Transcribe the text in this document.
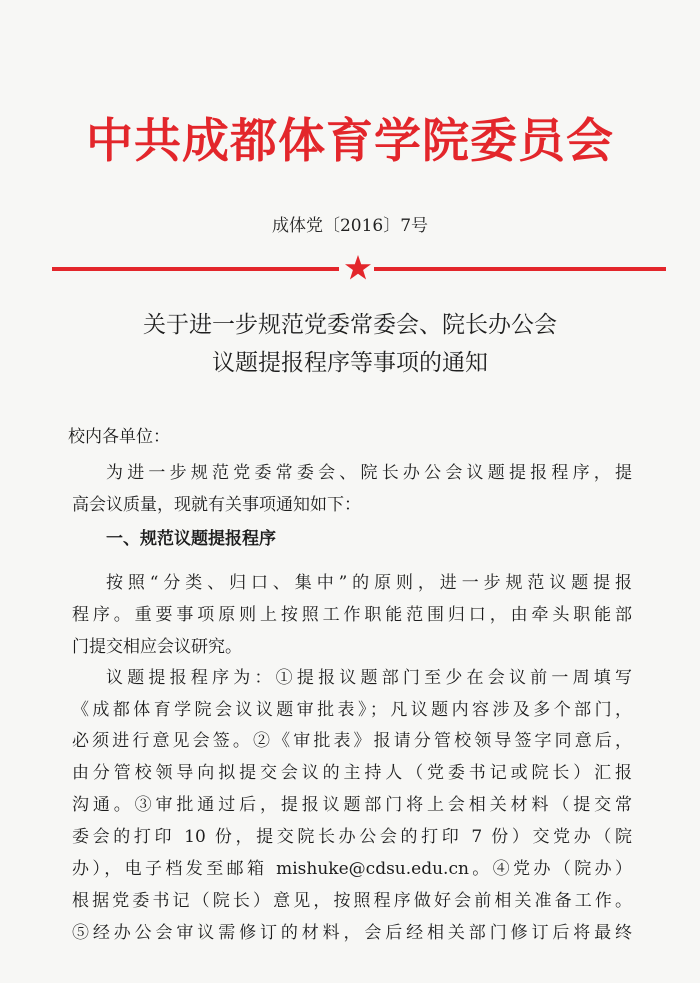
中共成都体育学院委员会
成体党〔2016〕7号
关于进一步规范党委常委会、院长办公会
议题提报程序等事项的通知
校内各单位：
为进一步规范党委常委会、院长办公会议题提报程序，提
高会议质量，现就有关事项通知如下：
一、规范议题提报程序
按照“分类、归口、集中”的原则，进一步规范议题提报
程序。重要事项原则上按照工作职能范围归口，由牵头职能部
门提交相应会议研究。
议题提报程序为：①提报议题部门至少在会议前一周填写
《成都体育学院会议议题审批表》；凡议题内容涉及多个部门，
必须进行意见会签。②《审批表》报请分管校领导签字同意后，
由分管校领导向拟提交会议的主持人（党委书记或院长）汇报
沟通。③审批通过后，提报议题部门将上会相关材料（提交常
委会的打印 10 份，提交院长办公会的打印 7 份）交党办（院
办），电子档发至邮箱 mishuke@cdsu.edu.cn。④党办（院办）
根据党委书记（院长）意见，按照程序做好会前相关准备工作。
⑤经办公会审议需修订的材料，会后经相关部门修订后将最终
